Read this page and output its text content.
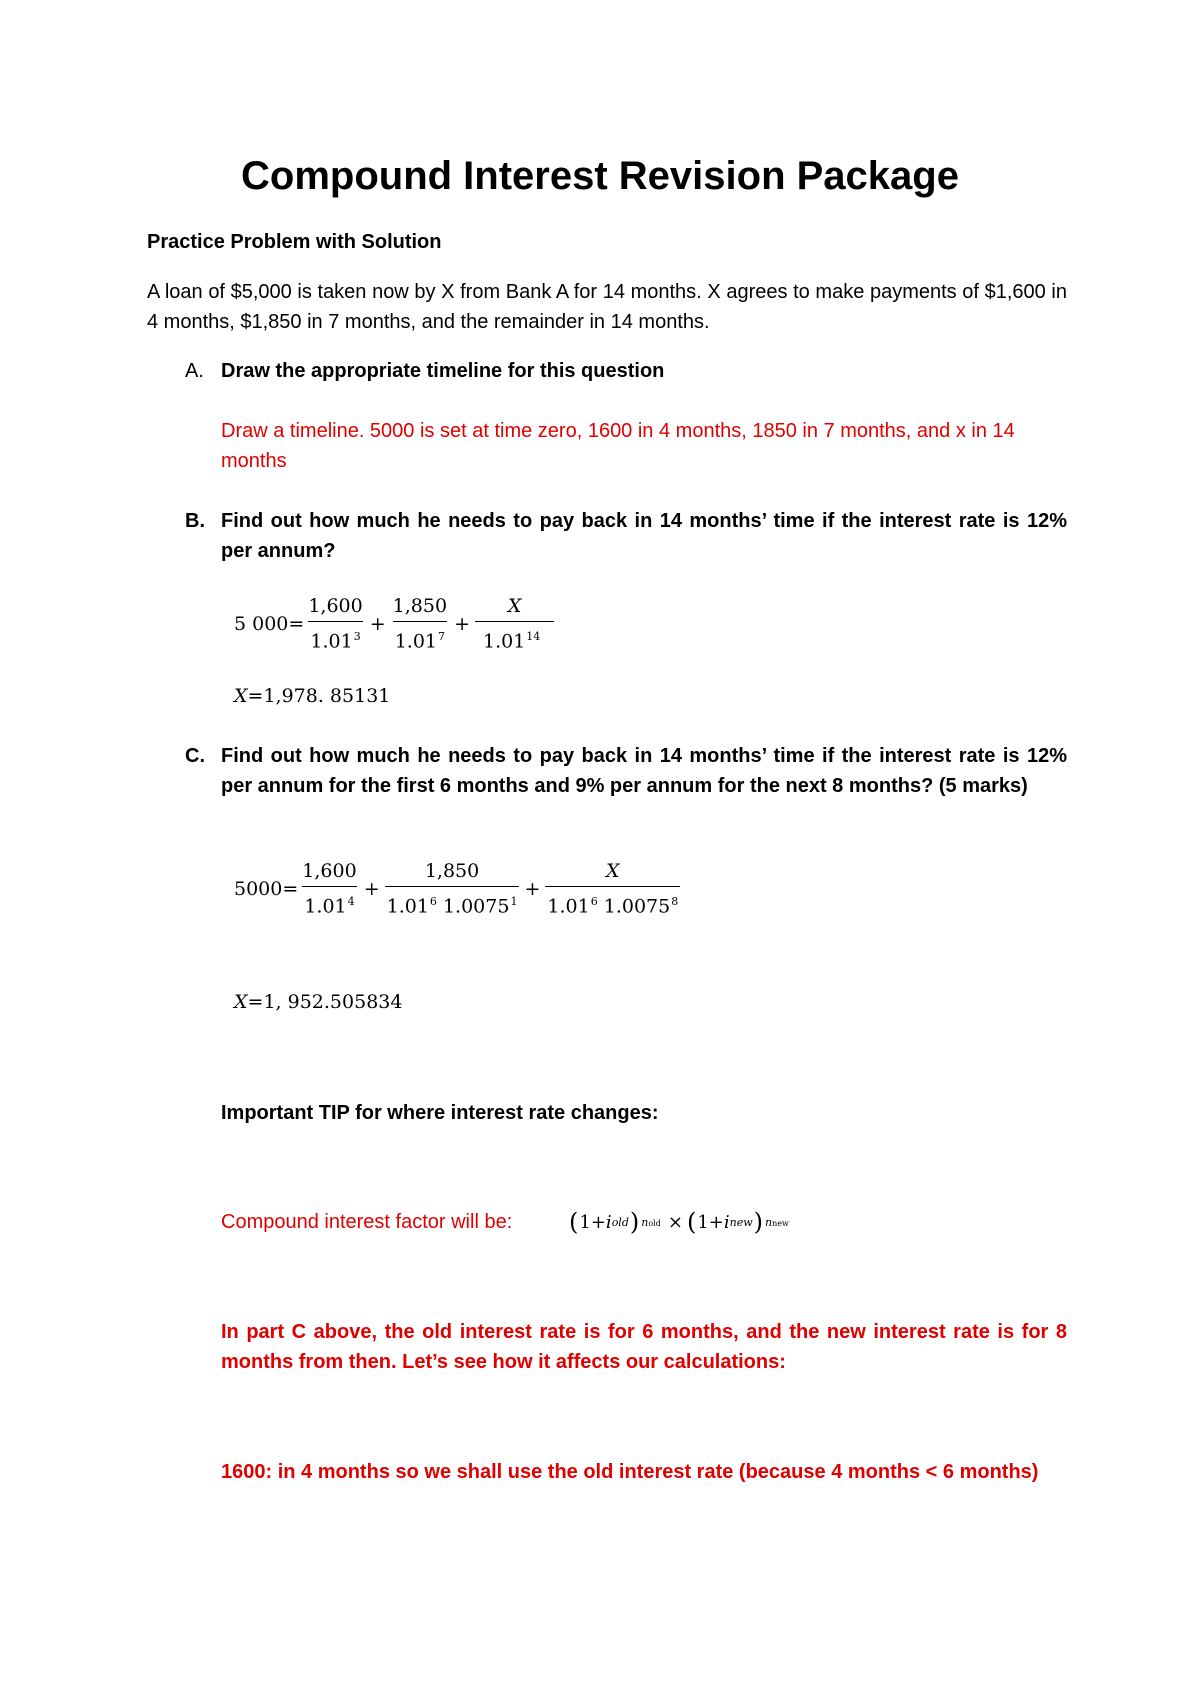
Compound Interest Revision Package
Practice Problem with Solution
A loan of $5,000 is taken now by X from Bank A for 14 months. X agrees to make payments of $1,600 in 4 months, $1,850 in 7 months, and the remainder in 14 months.
A. Draw the appropriate timeline for this question
Draw a timeline. 5000 is set at time zero, 1600 in 4 months, 1850 in 7 months, and x in 14 months
B. Find out how much he needs to pay back in 14 months’ time if the interest rate is 12% per annum?
5 $000= \frac{1,600}{1.01^3} + \frac{1,850}{1.01^7} + \frac{X}{1.01^{14}}$
X =1,978. 85131
C. Find out how much he needs to pay back in 14 months’ time if the interest rate is 12% per annum for the first 6 months and 9% per annum for the next 8 months? (5 marks)
$5000= \frac{1,600}{1.01^4} + \frac{1,850}{1.01^6 1.0075^1} + \frac{X}{1.01^6 1.0075^8}$
X =1, 952.505834
Important TIP for where interest rate changes:
Compound interest factor will be:	( 1+ i old ) nold × ( 1+ i new ) nnew
In part C above, the old interest rate is for 6 months, and the new interest rate is for 8 months from then. Let’s see how it affects our calculations:
1600: in 4 months so we shall use the old interest rate (because 4 months < 6 months)
